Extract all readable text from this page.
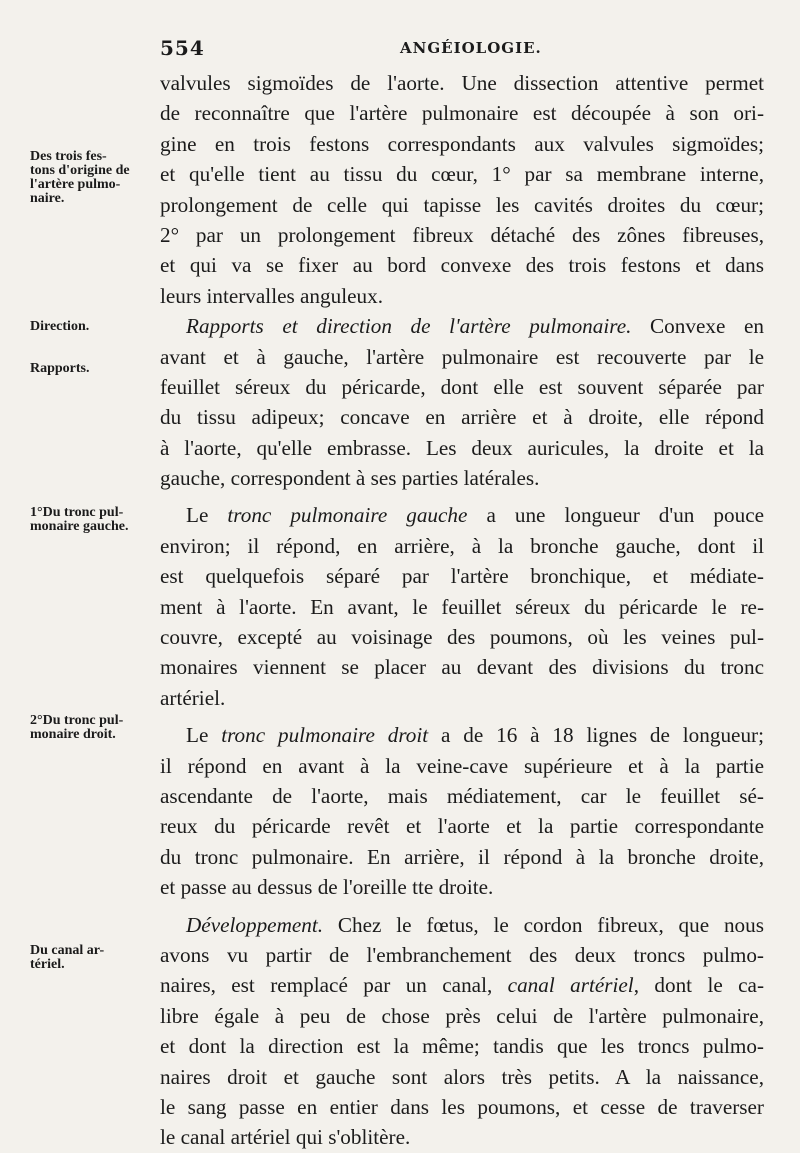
554	ANGÉIOLOGIE.
Des trois fes-
tons d'origine de
l'artère pulmo-
naire.
Direction.
Rapports.
1°Du tronc pul-
monaire gauche.
2°Du tronc pul-
monaire droit.
Du canal ar-
tériel.
valvules sigmoïdes de l'aorte. Une dissection attentive permet
de reconnaître que l'artère pulmonaire est découpée à son ori-
gine en trois festons correspondants aux valvules sigmoïdes;
et qu'elle tient au tissu du cœur, 1° par sa membrane interne,
prolongement de celle qui tapisse les cavités droites du cœur;
2° par un prolongement fibreux détaché des zônes fibreuses,
et qui va se fixer au bord convexe des trois festons et dans
leurs intervalles anguleux.
Rapports et direction de l'artère pulmonaire. Convexe en
avant et à gauche, l'artère pulmonaire est recouverte par le
feuillet séreux du péricarde, dont elle est souvent séparée par
du tissu adipeux; concave en arrière et à droite, elle répond
à l'aorte, qu'elle embrasse. Les deux auricules, la droite et la
gauche, correspondent à ses parties latérales.
Le tronc pulmonaire gauche a une longueur d'un pouce
environ; il répond, en arrière, à la bronche gauche, dont il
est quelquefois séparé par l'artère bronchique, et médiate-
ment à l'aorte. En avant, le feuillet séreux du péricarde le re-
couvre, excepté au voisinage des poumons, où les veines pul-
monaires viennent se placer au devant des divisions du tronc
artériel.
Le tronc pulmonaire droit a de 16 à 18 lignes de longueur;
il répond en avant à la veine-cave supérieure et à la partie
ascendante de l'aorte, mais médiatement, car le feuillet sé-
reux du péricarde revêt et l'aorte et la partie correspondante
du tronc pulmonaire. En arrière, il répond à la bronche droite,
et passe au dessus de l'oreille tte droite.
Développement. Chez le fœtus, le cordon fibreux, que nous
avons vu partir de l'embranchement des deux troncs pulmo-
naires, est remplacé par un canal, canal artériel, dont le ca-
libre égale à peu de chose près celui de l'artère pulmonaire,
et dont la direction est la même; tandis que les troncs pulmo-
naires droit et gauche sont alors très petits. A la naissance,
le sang passe en entier dans les poumons, et cesse de traverser
le canal artériel qui s'oblitère.
